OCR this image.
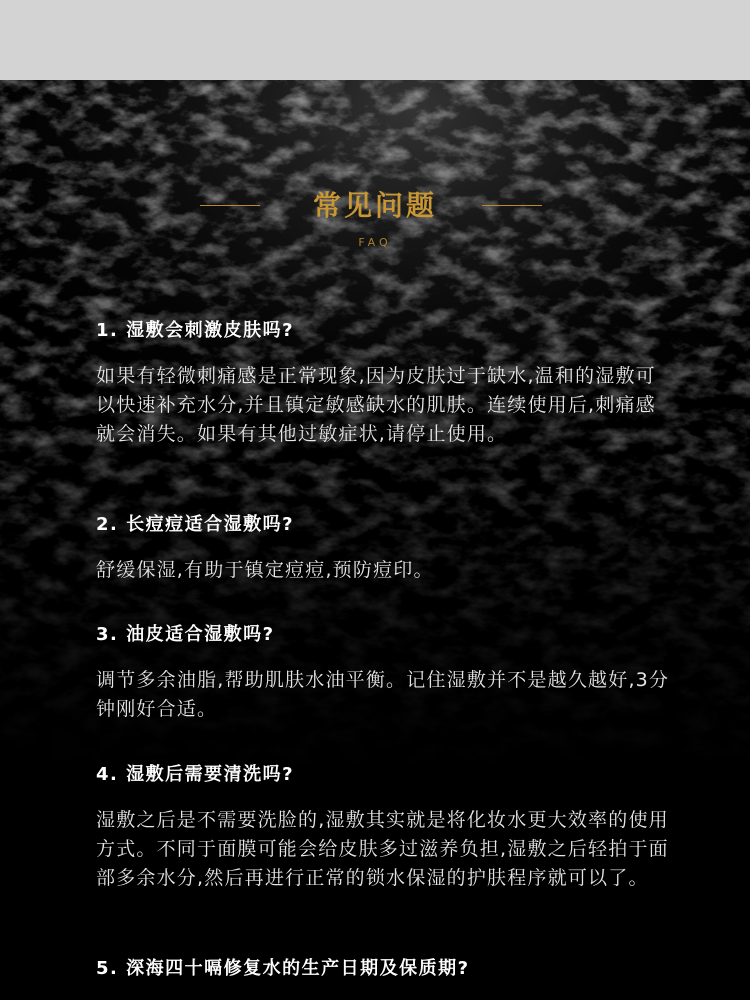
常见问题
FAQ
1. 湿敷会刺激皮肤吗?
如果有轻微刺痛感是正常现象,因为皮肤过于缺水,温和的湿敷可以快速补充水分,并且镇定敏感缺水的肌肤。连续使用后,刺痛感就会消失。如果有其他过敏症状,请停止使用。
2. 长痘痘适合湿敷吗?
舒缓保湿,有助于镇定痘痘,预防痘印。
3. 油皮适合湿敷吗?
调节多余油脂,帮助肌肤水油平衡。记住湿敷并不是越久越好,3分钟刚好合适。
4. 湿敷后需要清洗吗?
湿敷之后是不需要洗脸的,湿敷其实就是将化妆水更大效率的使用方式。不同于面膜可能会给皮肤多过滋养负担,湿敷之后轻拍于面部多余水分,然后再进行正常的锁水保湿的护肤程序就可以了。
5. 深海四十嗝修复水的生产日期及保质期?
